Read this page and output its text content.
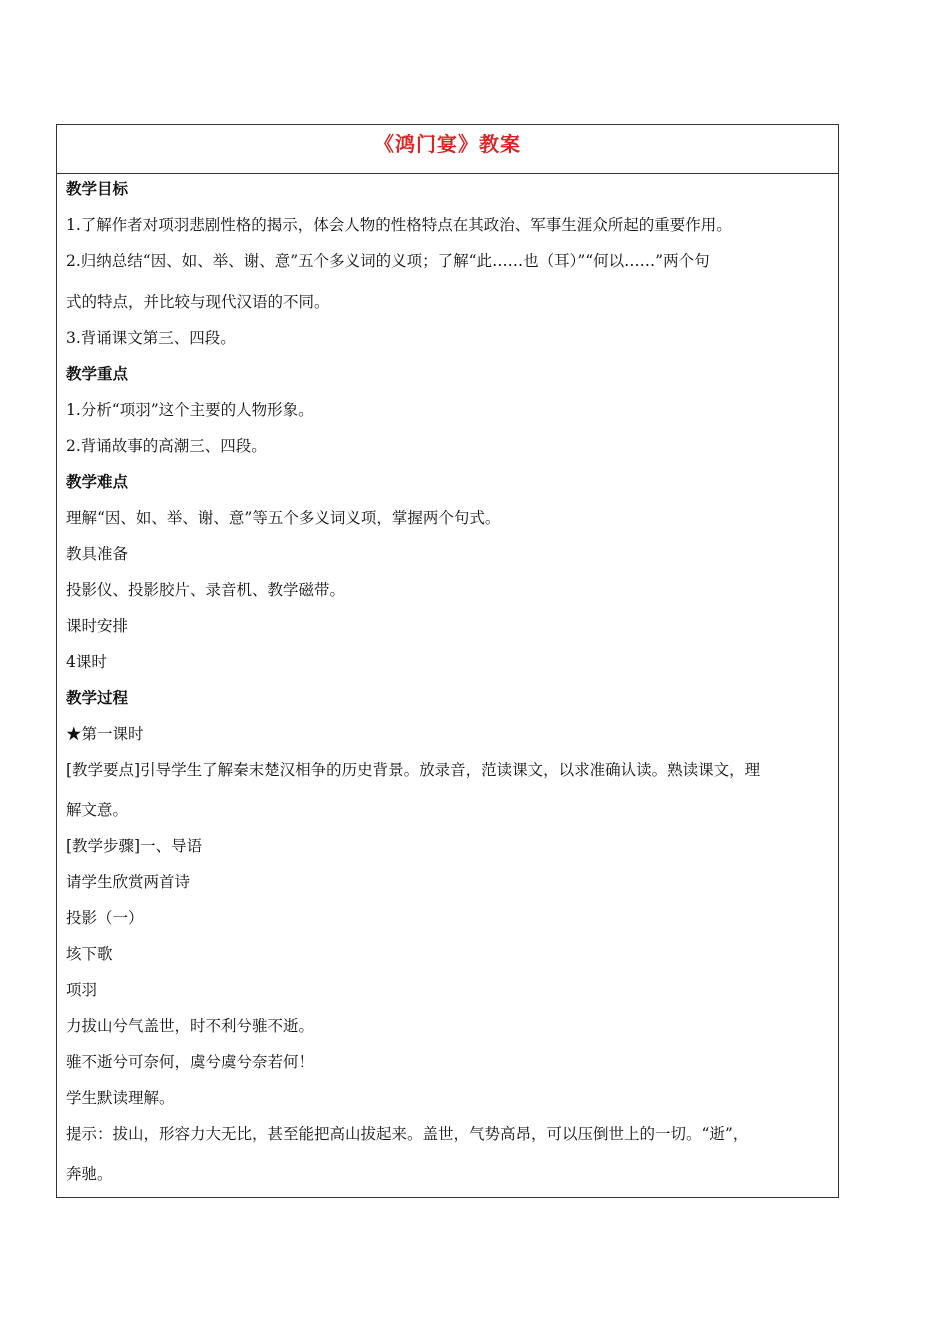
《鸿门宴》教案
教学目标
1.了解作者对项羽悲剧性格的揭示，体会人物的性格特点在其政治、军事生涯众所起的重要作用。
2.归纳总结“因、如、举、谢、意”五个多义词的义项；了解“此……也（耳）”“何以……”两个句
式的特点，并比较与现代汉语的不同。
3.背诵课文第三、四段。
教学重点
1.分析“项羽”这个主要的人物形象。
2.背诵故事的高潮三、四段。
教学难点
理解“因、如、举、谢、意”等五个多义词义项，掌握两个句式。
教具准备
投影仪、投影胶片、录音机、教学磁带。
课时安排
4课时
教学过程
★第一课时
[教学要点]引导学生了解秦末楚汉相争的历史背景。放录音，范读课文，以求准确认读。熟读课文，理
解文意。
[教学步骤]一、导语
请学生欣赏两首诗
投影（一）
垓下歌
项羽
力拔山兮气盖世，时不利兮骓不逝。
骓不逝兮可奈何，虞兮虞兮奈若何！
学生默读理解。
提示：拔山，形容力大无比，甚至能把高山拔起来。盖世，气势高昂，可以压倒世上的一切。“逝”，
奔驰。
